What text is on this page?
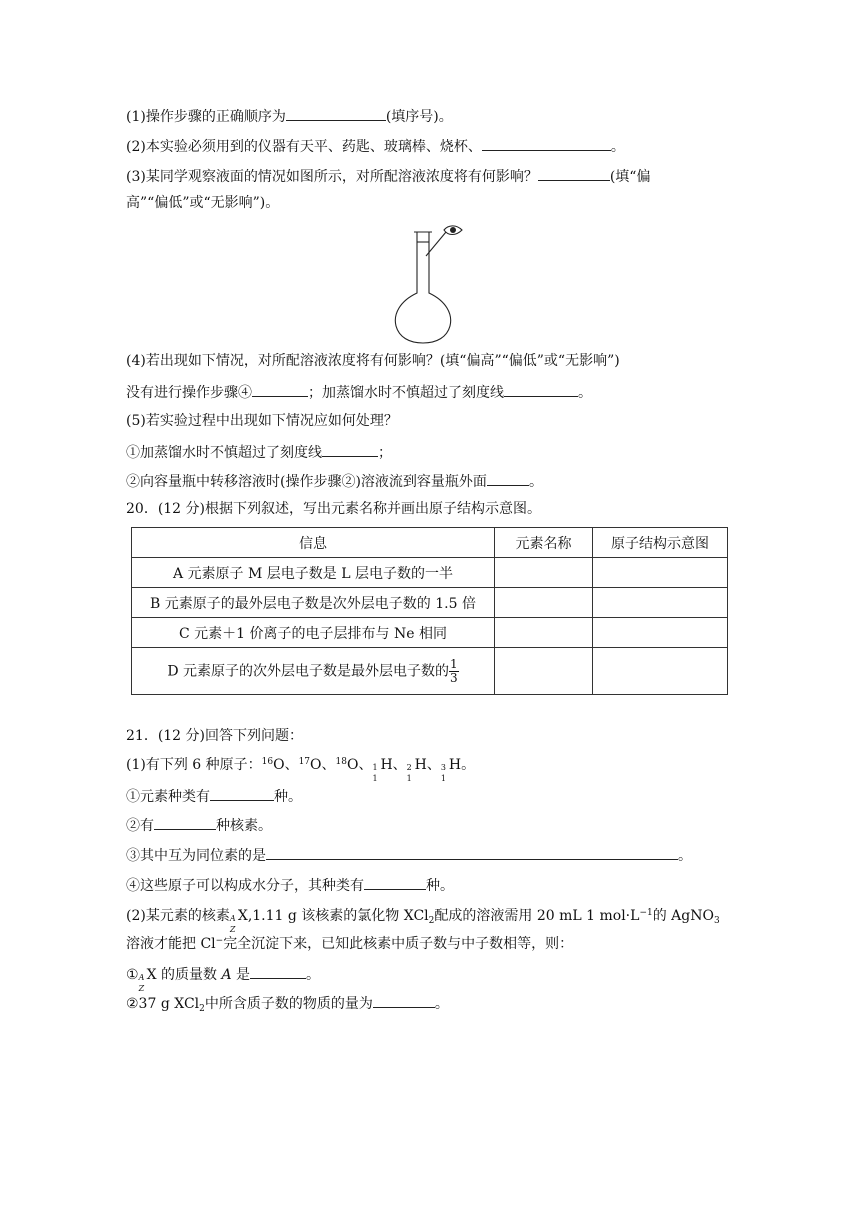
(1)操作步骤的正确顺序为	(填序号)。
(2)本实验必须用到的仪器有天平、药匙、玻璃棒、烧杯、	。
(3)某同学观察液面的情况如图所示，对所配溶液浓度将有何影响？	(填“偏
高”“偏低”或“无影响”)。
(4)若出现如下情况，对所配溶液浓度将有何影响？(填“偏高”“偏低”或“无影响”)
没有进行操作步骤④	；加蒸馏水时不慎超过了刻度线	。
(5)若实验过程中出现如下情况应如何处理？
①加蒸馏水时不慎超过了刻度线	；
②向容量瓶中转移溶液时(操作步骤②)溶液流到容量瓶外面	。
20．(12 分)根据下列叙述，写出元素名称并画出原子结构示意图。
信息	元素名称	原子结构示意图
A 元素原子 M 层电子数是 L 层电子数的一半		
B 元素原子的最外层电子数是次外层电子数的 1.5 倍		
C 元素＋1 价离子的电子层排布与 Ne 相同		
D 元素原子的次外层电子数是最外层电子数的 $\frac{1}{3}$

21．(12 分)回答下列问题：
(1)有下列 6 种原子：$^{16}$O、$^{17}$O、$^{18}$O、 1
1
H、 2
1
H、 3
1
H。
①元素种类有	种。
②有	种核素。
③其中互为同位素的是	。
④这些原子可以构成水分子，其种类有	种。
(2)某元素的核素 A
Z
X,1.11 g 该核素的氯化物 XCl$_2$配成的溶液需用 20 mL 1 $mol\cdot L^{-1}$的 AgNO$_3$
溶液才能把 Cl−完全沉淀下来，已知此核素中质子数与中子数相等，则：
① A
Z
X 的质量数 A 是	。
②37 g XCl$_2$中所含质子数的物质的量为	。
